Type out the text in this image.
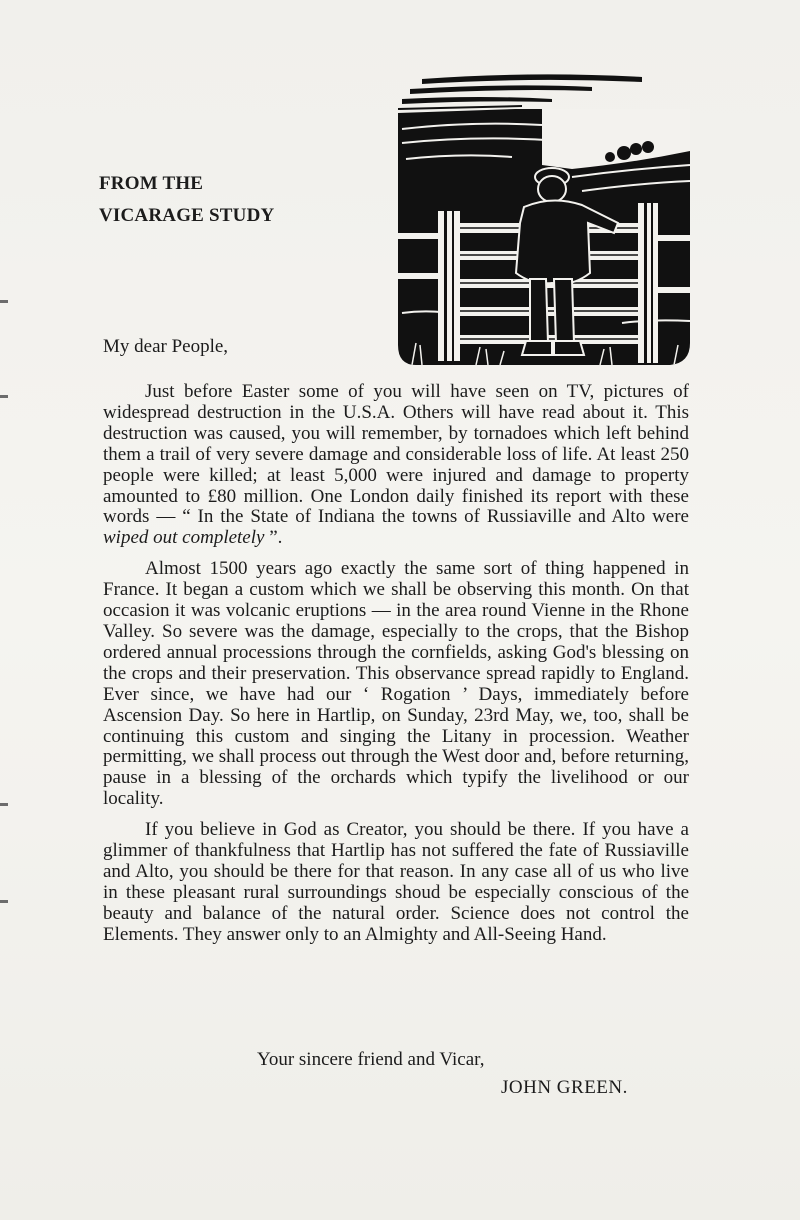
FROM THE
VICARAGE STUDY
My dear People,

Just before Easter some of you will have seen on TV, pictures of widespread destruction in the U.S.A. Others will have read about it. This destruction was caused, you will remember, by tornadoes which left behind them a trail of very severe damage and considerable loss of life. At least 250 people were killed; at least 5,000 were injured and damage to property amounted to £80 million. One London daily finished its report with these words — “ In the State of Indiana the towns of Russiaville and Alto were wiped out completely ”.

Almost 1500 years ago exactly the same sort of thing happened in France. It began a custom which we shall be observing this month. On that occasion it was volcanic eruptions — in the area round Vienne in the Rhone Valley. So severe was the damage, especially to the crops, that the Bishop ordered annual processions through the cornfields, asking God's blessing on the crops and their preservation. This observance spread rapidly to England. Ever since, we have had our ‘ Rogation ’ Days, immediately before Ascension Day. So here in Hartlip, on Sunday, 23rd May, we, too, shall be continuing this custom and singing the Litany in procession. Weather permitting, we shall process out through the West door and, before returning, pause in a blessing of the orchards which typify the livelihood or our locality.

If you believe in God as Creator, you should be there. If you have a glimmer of thankfulness that Hartlip has not suffered the fate of Russiaville and Alto, you should be there for that reason. In any case all of us who live in these pleasant rural surroundings shoud be especially conscious of the beauty and balance of the natural order. Science does not control the Elements. They answer only to an Almighty and All-Seeing Hand.

Your sincere friend and Vicar,
JOHN GREEN.
